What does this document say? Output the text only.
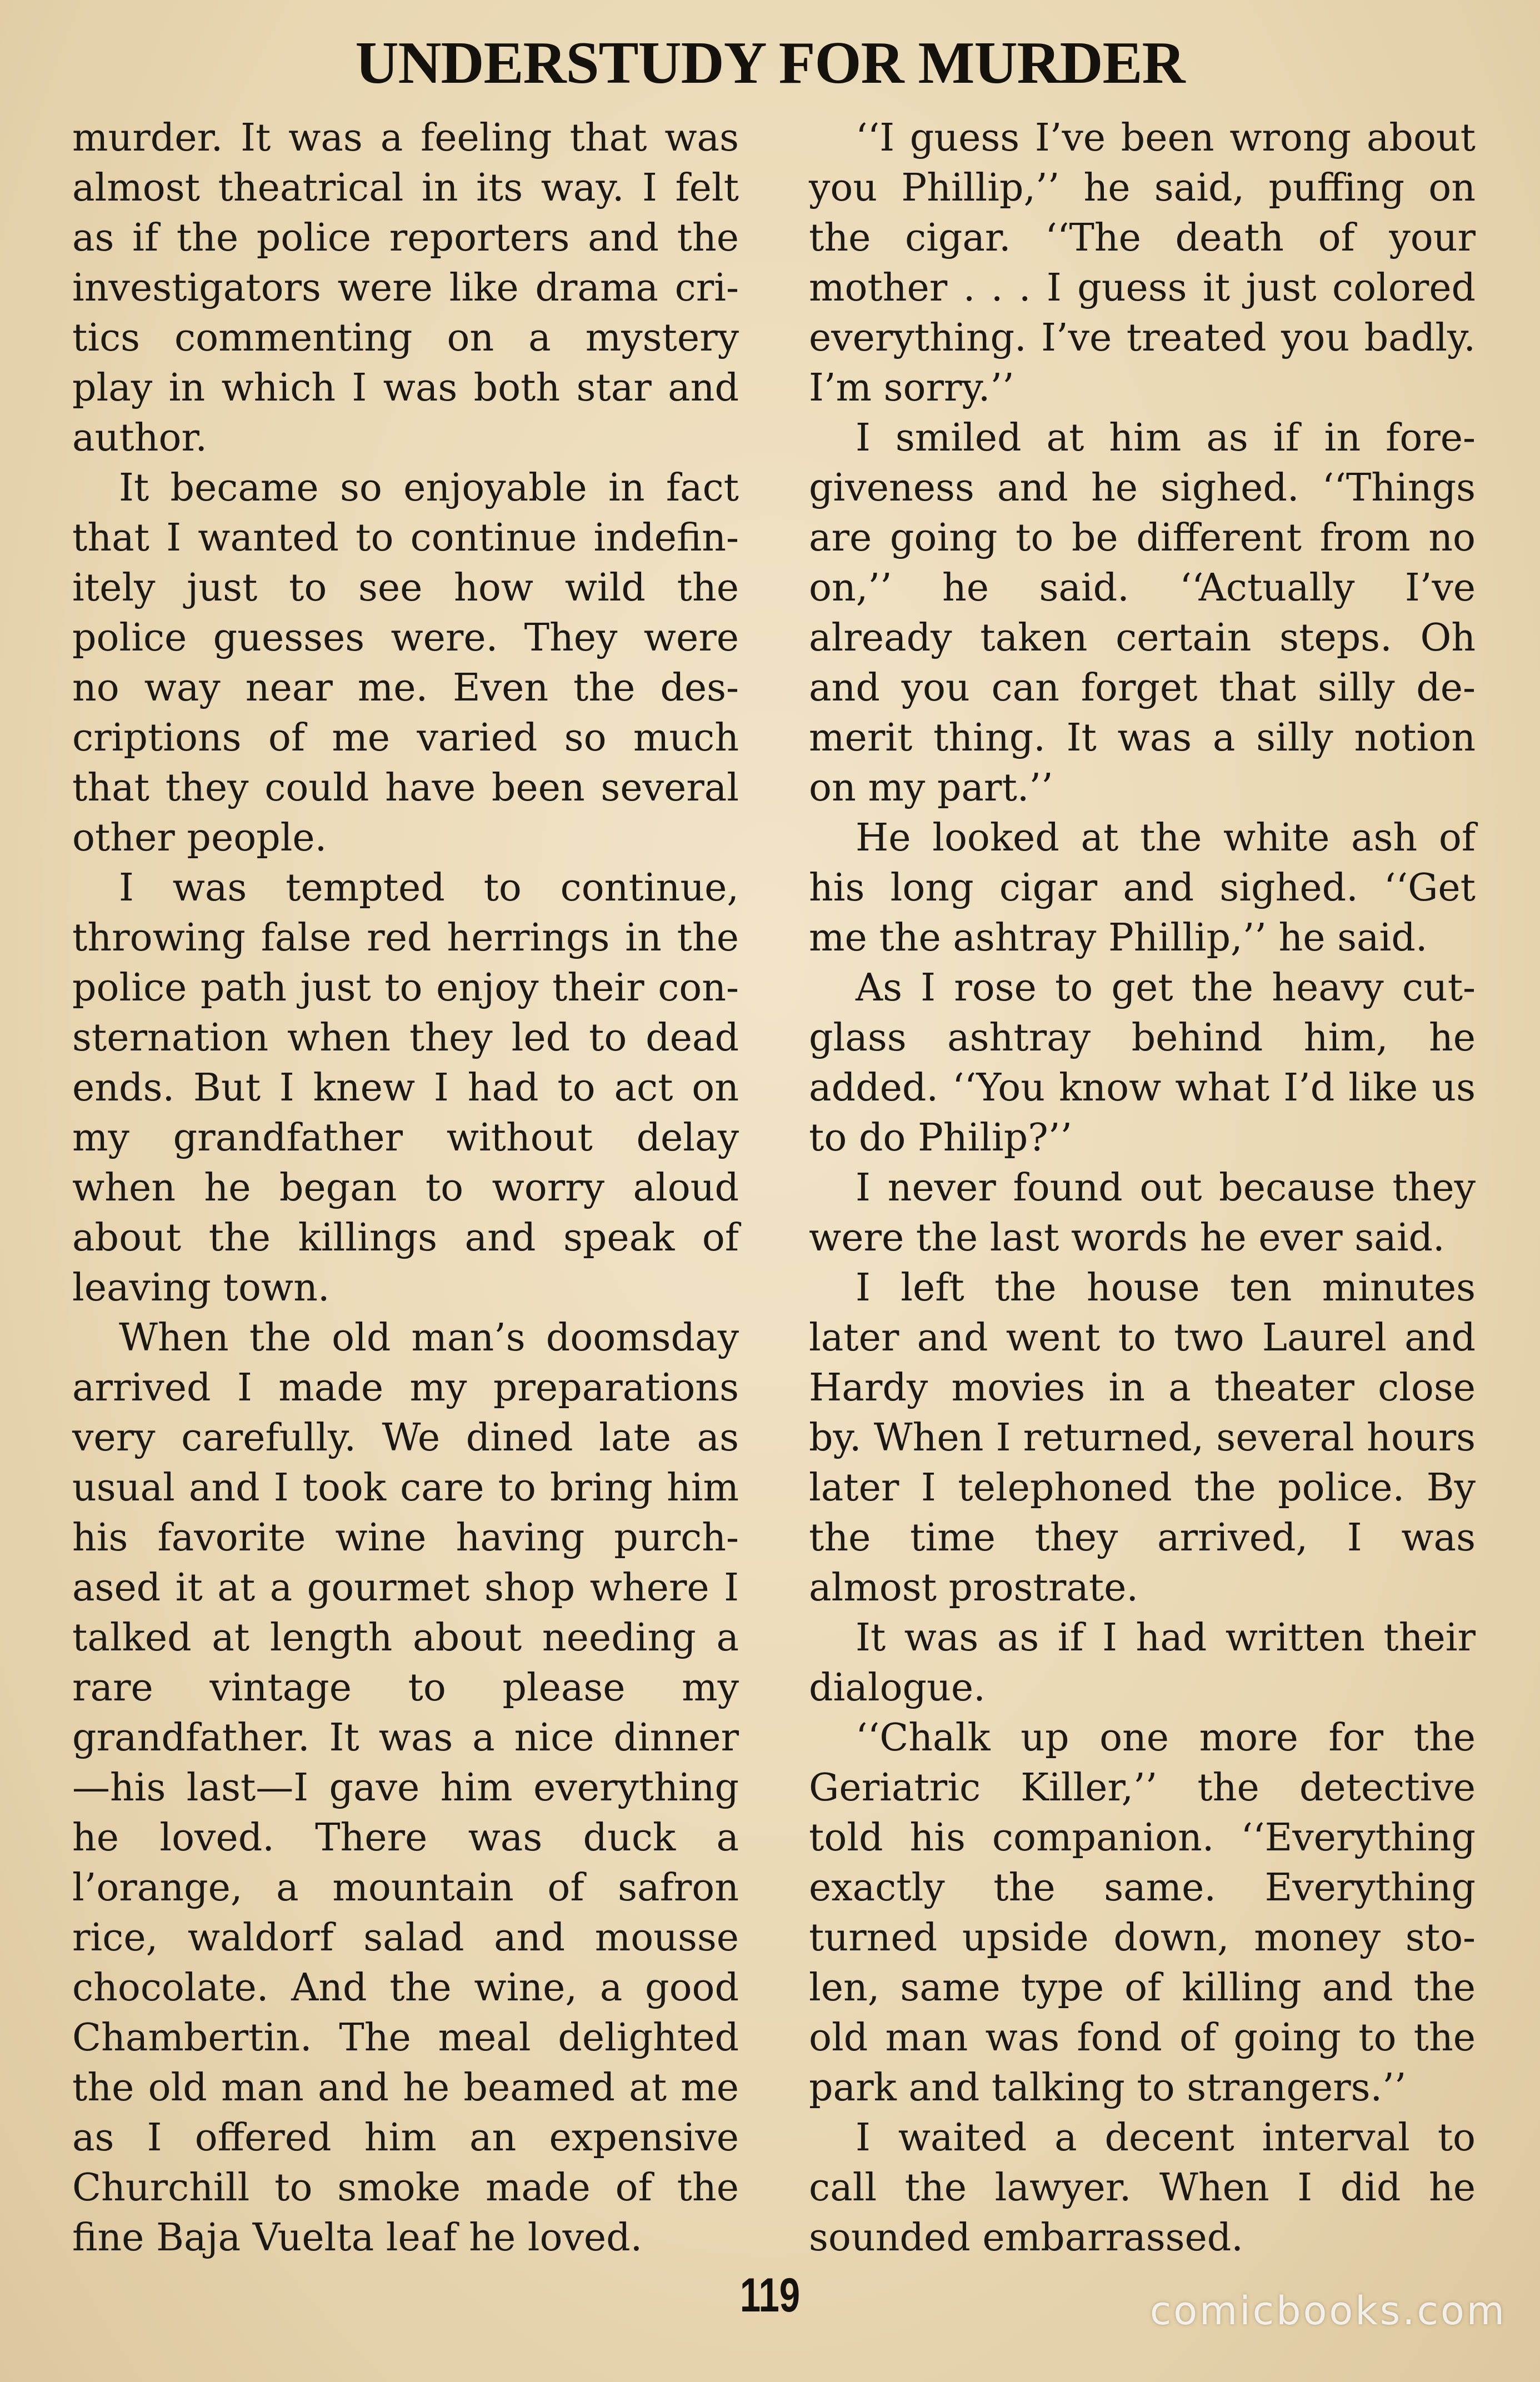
UNDERSTUDY FOR MURDER

murder. It was a feeling that was almost theatrical in its way. I felt as if the police reporters and the investigators were like drama critics commenting on a mystery play in which I was both star and author.

It became so enjoyable in fact that I wanted to continue indefinitely just to see how wild the police guesses were. They were no way near me. Even the descriptions of me varied so much that they could have been several other people.

I was tempted to continue, throwing false red herrings in the police path just to enjoy their consternation when they led to dead ends. But I knew I had to act on my grandfather without delay when he began to worry aloud about the killings and speak of leaving town.

When the old man’s doomsday arrived I made my preparations very carefully. We dined late as usual and I took care to bring him his favorite wine having purchased it at a gourmet shop where I talked at length about needing a rare vintage to please my grandfather. It was a nice dinner—his last—I gave him everything he loved. There was duck a l’orange, a mountain of safron rice, waldorf salad and mousse chocolate. And the wine, a good Chambertin. The meal delighted the old man and he beamed at me as I offered him an expensive Churchill to smoke made of the fine Baja Vuelta leaf he loved.

‘‘I guess I’ve been wrong about you Phillip,’’ he said, puffing on the cigar. ‘‘The death of your mother . . . I guess it just colored everything. I’ve treated you badly. I’m sorry.’’

I smiled at him as if in foregiveness and he sighed. ‘‘Things are going to be different from no on,’’ he said. ‘‘Actually I’ve already taken certain steps. Oh and you can forget that silly demerit thing. It was a silly notion on my part.’’

He looked at the white ash of his long cigar and sighed. ‘‘Get me the ashtray Phillip,’’ he said.

As I rose to get the heavy cut-glass ashtray behind him, he added. ‘‘You know what I’d like us to do Philip?’’

I never found out because they were the last words he ever said.

I left the house ten minutes later and went to two Laurel and Hardy movies in a theater close by. When I returned, several hours later I telephoned the police. By the time they arrived, I was almost prostrate.

It was as if I had written their dialogue.

‘‘Chalk up one more for the Geriatric Killer,’’ the detective told his companion. ‘‘Everything exactly the same. Everything turned upside down, money stolen, same type of killing and the old man was fond of going to the park and talking to strangers.’’

I waited a decent interval to call the lawyer. When I did he sounded embarrassed.

119	comicbooks.com
